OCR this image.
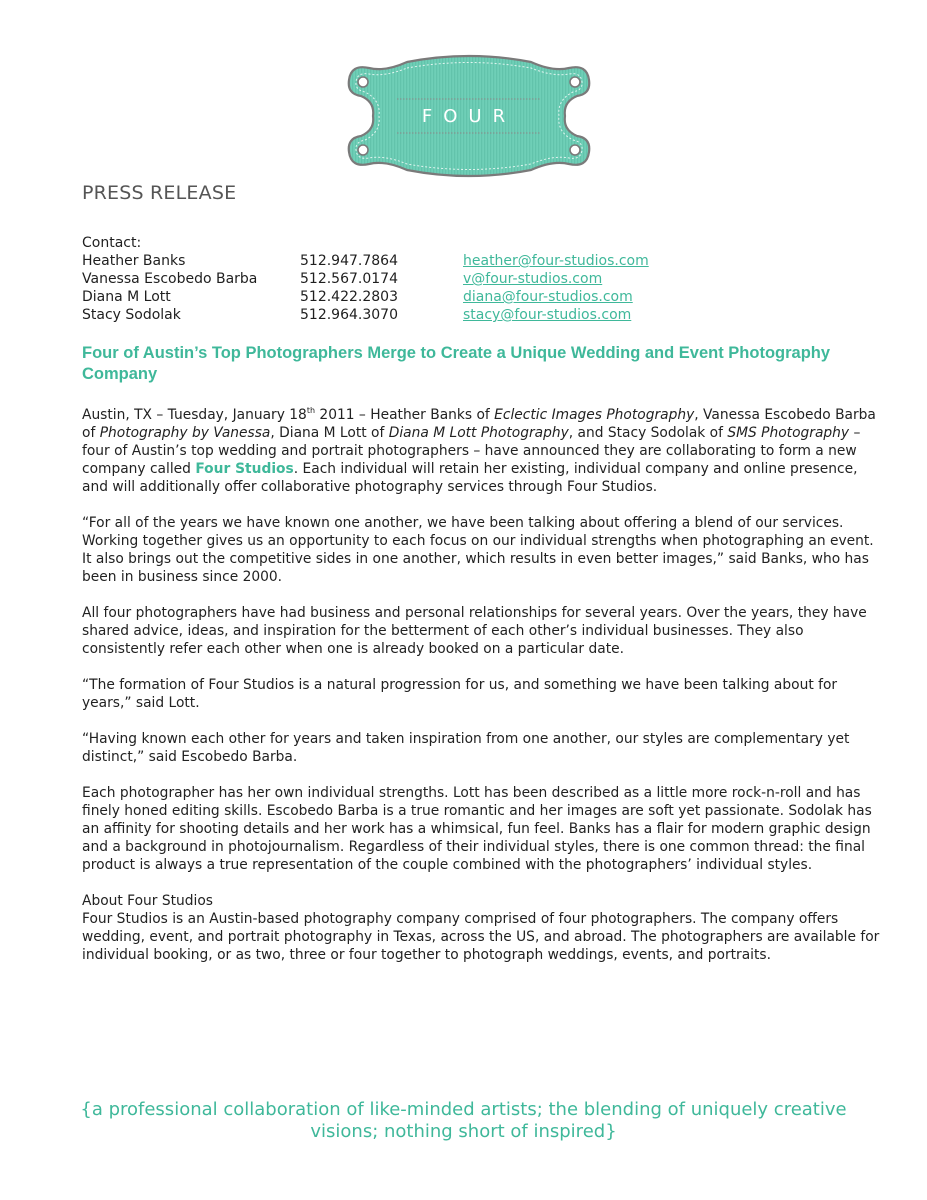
FOUR
PRESS RELEASE
Contact:
Heather Banks	512.947.7864	heather@four-studios.com
Vanessa Escobedo Barba	512.567.0174	v@four-studios.com
Diana M Lott	512.422.2803	diana@four-studios.com
Stacy Sodolak	512.964.3070	stacy@four-studios.com
Four of Austin’s Top Photographers Merge to Create a Unique Wedding and Event Photography Company

Austin, TX – Tuesday, January 18th 2011 – Heather Banks of Eclectic Images Photography, Vanessa Escobedo Barba of Photography by Vanessa, Diana M Lott of Diana M Lott Photography, and Stacy Sodolak of SMS Photography – four of Austin’s top wedding and portrait photographers – have announced they are collaborating to form a new company called Four Studios. Each individual will retain her existing, individual company and online presence, and will additionally offer collaborative photography services through Four Studios.

“For all of the years we have known one another, we have been talking about offering a blend of our services. Working together gives us an opportunity to each focus on our individual strengths when photographing an event. It also brings out the competitive sides in one another, which results in even better images,” said Banks, who has been in business since 2000.

All four photographers have had business and personal relationships for several years. Over the years, they have shared advice, ideas, and inspiration for the betterment of each other’s individual businesses. They also consistently refer each other when one is already booked on a particular date.

“The formation of Four Studios is a natural progression for us, and something we have been talking about for years,” said Lott.

“Having known each other for years and taken inspiration from one another, our styles are complementary yet distinct,” said Escobedo Barba.

Each photographer has her own individual strengths. Lott has been described as a little more rock-n-roll and has finely honed editing skills. Escobedo Barba is a true romantic and her images are soft yet passionate. Sodolak has an affinity for shooting details and her work has a whimsical, fun feel. Banks has a flair for modern graphic design and a background in photojournalism. Regardless of their individual styles, there is one common thread: the final product is always a true representation of the couple combined with the photographers’ individual styles.

About Four Studios
Four Studios is an Austin-based photography company comprised of four photographers. The company offers wedding, event, and portrait photography in Texas, across the US, and abroad. The photographers are available for individual booking, or as two, three or four together to photograph weddings, events, and portraits.

{a professional collaboration of like-minded artists; the blending of uniquely creative visions; nothing short of inspired}
